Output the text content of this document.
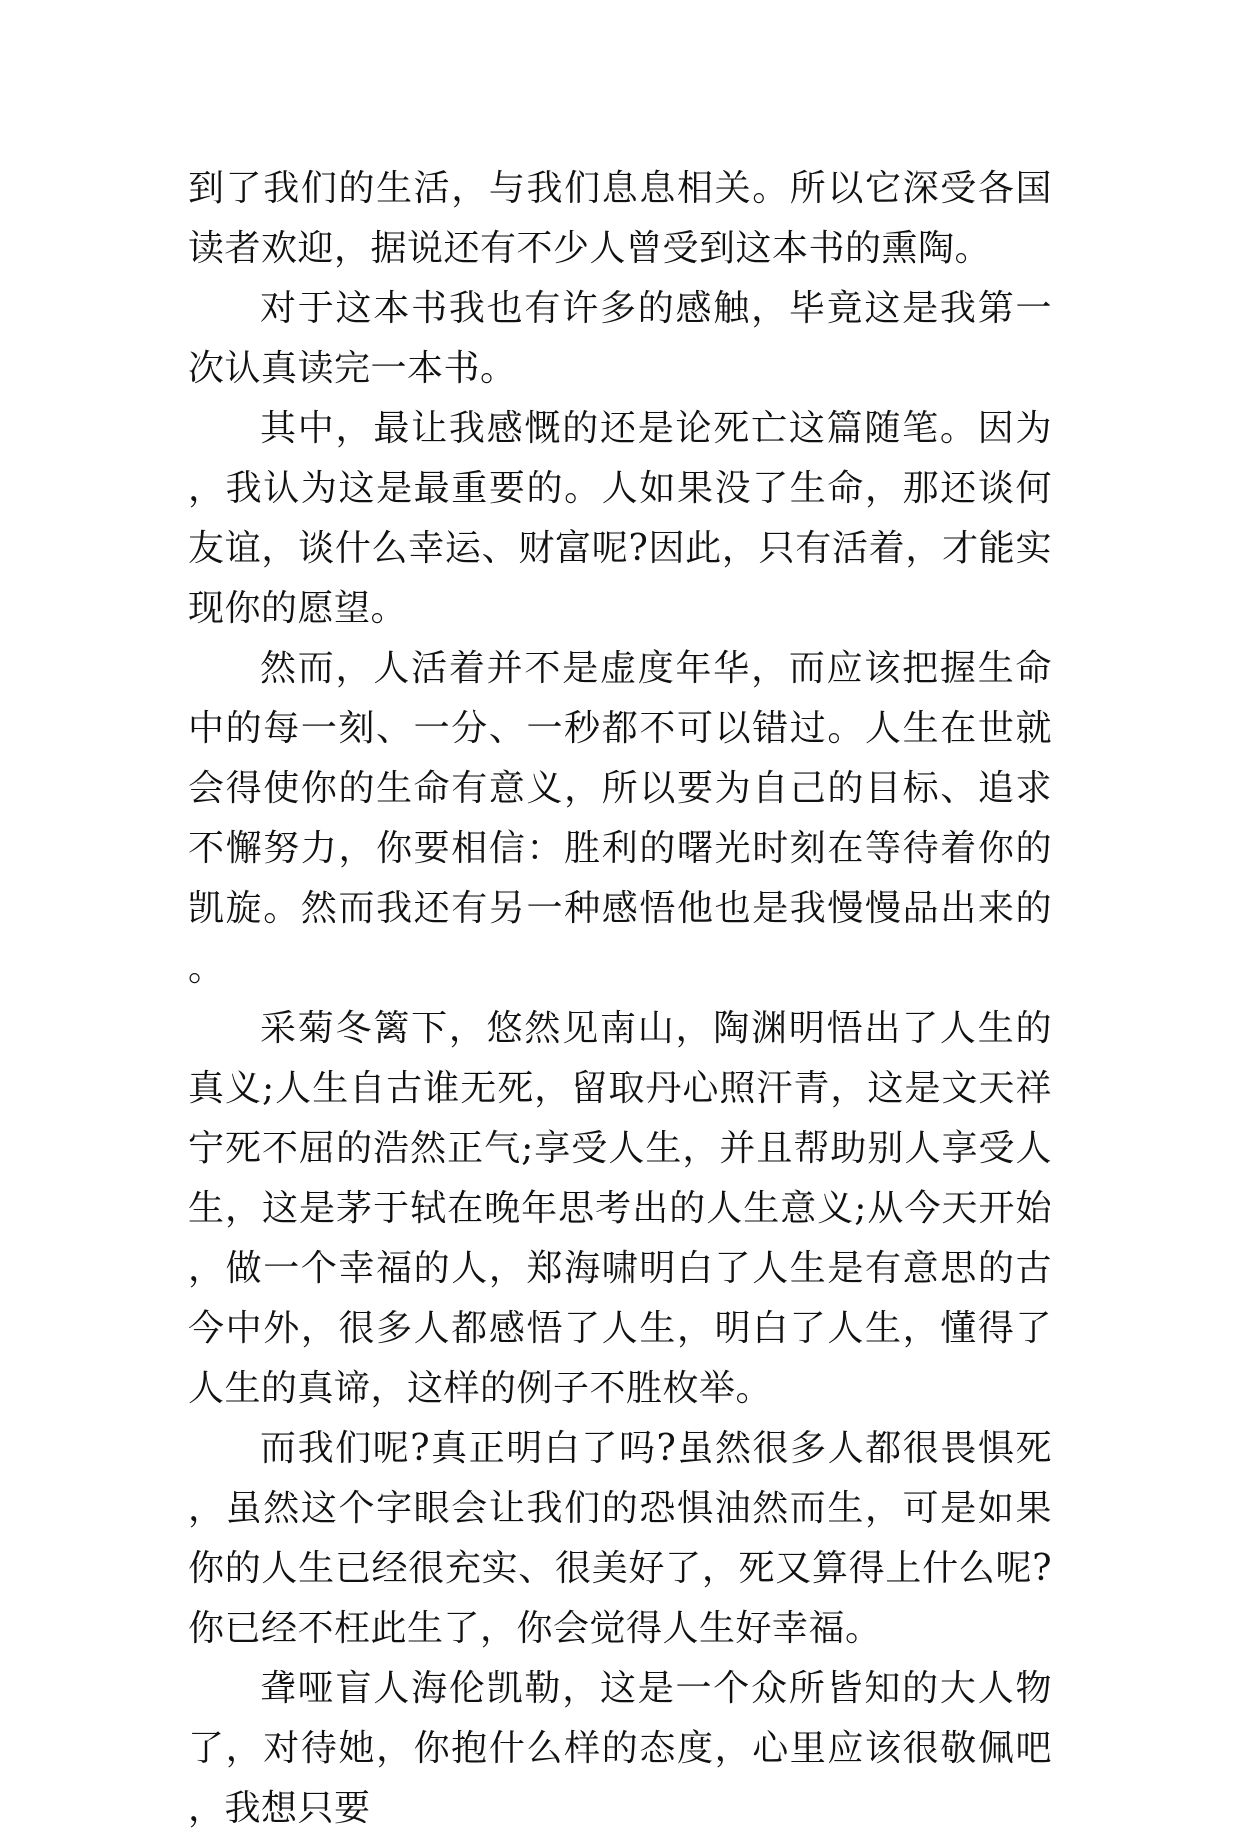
到了我们的生活，与我们息息相关。所以它深受各国读者欢迎，据说还有不少人曾受到这本书的熏陶。

对于这本书我也有许多的感触，毕竟这是我第一次认真读完一本书。

其中，最让我感慨的还是论死亡这篇随笔。因为，我认为这是最重要的。人如果没了生命，那还谈何友谊，谈什么幸运、财富呢?因此，只有活着，才能实现你的愿望。

然而，人活着并不是虚度年华，而应该把握生命中的每一刻、一分、一秒都不可以错过。人生在世就会得使你的生命有意义，所以要为自己的目标、追求不懈努力，你要相信：胜利的曙光时刻在等待着你的凯旋。然而我还有另一种感悟他也是我慢慢品出来的。

采菊冬篱下，悠然见南山，陶渊明悟出了人生的真义;人生自古谁无死，留取丹心照汗青，这是文天祥宁死不屈的浩然正气;享受人生，并且帮助别人享受人生，这是茅于轼在晚年思考出的人生意义;从今天开始，做一个幸福的人，郑海啸明白了人生是有意思的古今中外，很多人都感悟了人生，明白了人生，懂得了人生的真谛，这样的例子不胜枚举。

而我们呢?真正明白了吗?虽然很多人都很畏惧死，虽然这个字眼会让我们的恐惧油然而生，可是如果你的人生已经很充实、很美好了，死又算得上什么呢?你已经不枉此生了，你会觉得人生好幸福。

聋哑盲人海伦凯勒，这是一个众所皆知的大人物了，对待她，你抱什么样的态度，心里应该很敬佩吧，我想只要
